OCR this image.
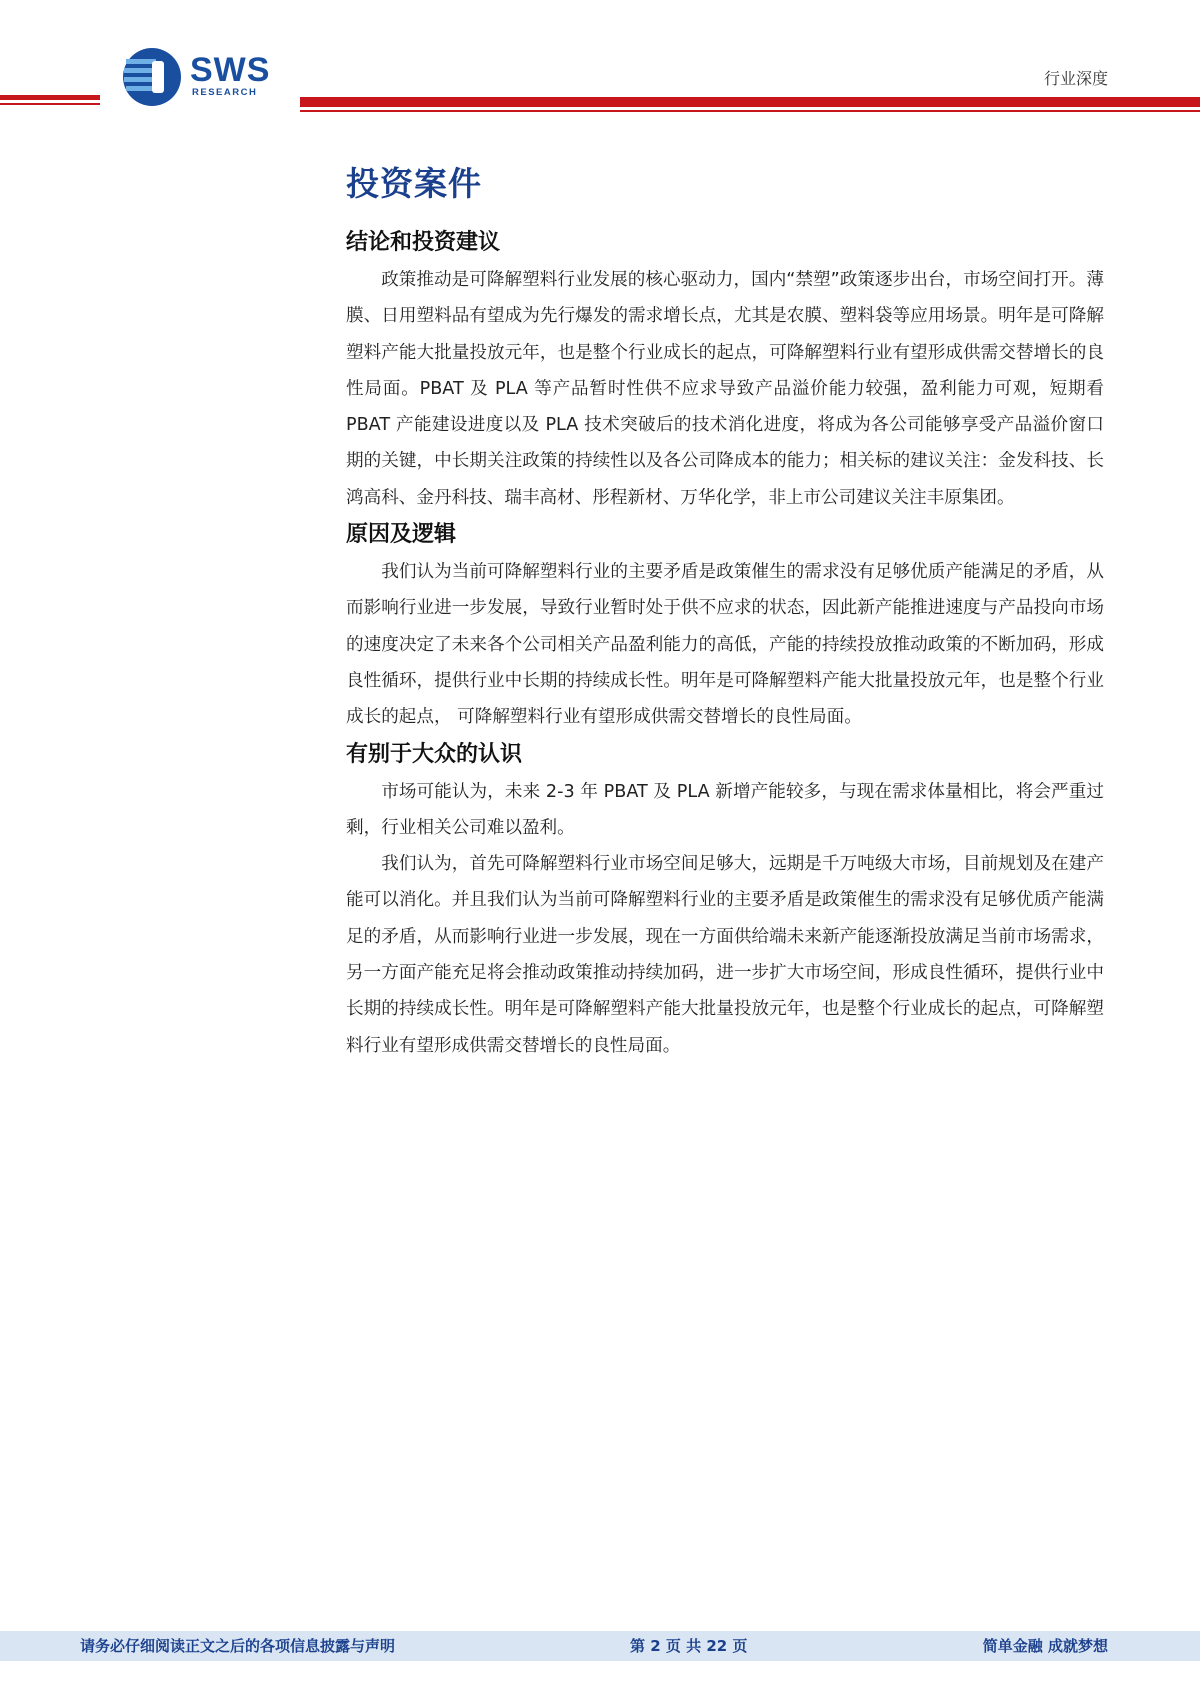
SWS
RESEARCH
行业深度
投资案件
结论和投资建议

政策推动是可降解塑料行业发展的核心驱动力，国内“禁塑”政策逐步出台，市场空间打开。薄膜、日用塑料品有望成为先行爆发的需求增长点，尤其是农膜、塑料袋等应用场景。明年是可降解塑料产能大批量投放元年，也是整个行业成长的起点，可降解塑料行业有望形成供需交替增长的良性局面。PBAT 及 PLA 等产品暂时性供不应求导致产品溢价能力较强，盈利能力可观，短期看 PBAT 产能建设进度以及 PLA 技术突破后的技术消化进度，将成为各公司能够享受产品溢价窗口期的关键，中长期关注政策的持续性以及各公司降成本的能力；相关标的建议关注：金发科技、长鸿高科、金丹科技、瑞丰高材、彤程新材、万华化学，非上市公司建议关注丰原集团。

原因及逻辑

我们认为当前可降解塑料行业的主要矛盾是政策催生的需求没有足够优质产能满足的矛盾，从而影响行业进一步发展，导致行业暂时处于供不应求的状态，因此新产能推进速度与产品投向市场的速度决定了未来各个公司相关产品盈利能力的高低，产能的持续投放推动政策的不断加码，形成良性循环，提供行业中长期的持续成长性。明年是可降解塑料产能大批量投放元年，也是整个行业成长的起点， 可降解塑料行业有望形成供需交替增长的良性局面。

有别于大众的认识

市场可能认为，未来 2-3 年 PBAT 及 PLA 新增产能较多，与现在需求体量相比，将会严重过剩，行业相关公司难以盈利。

我们认为，首先可降解塑料行业市场空间足够大，远期是千万吨级大市场，目前规划及在建产能可以消化。并且我们认为当前可降解塑料行业的主要矛盾是政策催生的需求没有足够优质产能满足的矛盾，从而影响行业进一步发展，现在一方面供给端未来新产能逐渐投放满足当前市场需求，另一方面产能充足将会推动政策推动持续加码，进一步扩大市场空间，形成良性循环，提供行业中长期的持续成长性。明年是可降解塑料产能大批量投放元年，也是整个行业成长的起点，可降解塑料行业有望形成供需交替增长的良性局面。

请务必仔细阅读正文之后的各项信息披露与声明	第 2 页 共 22 页	简单金融 成就梦想
